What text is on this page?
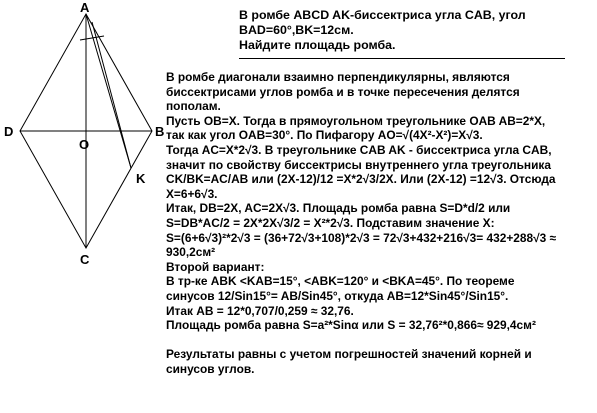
A
B
C
D
O
K
В ромбе ABCD AK-биссектриса угла CAB, угол
BAD=60°,BK=12см.
Найдите площадь ромба.
В ромбе диагонали взаимно перпендикулярны, являются
биссектрисами углов ромба и в точке пересечения делятся
пополам.
Пусть OB=X. Тогда в прямоугольном треугольнике OAB AB=2*X,
так как угол OAB=30°. По Пифагору AO=√(4X²-X²)=X√3.
Тогда AC=X*2√3. В треугольнике CAB AK - биссектриса угла CAB,
значит по свойству биссектрисы внутреннего угла треугольника
CK/BK=AC/AB или (2X-12)/12 =X*2√3/2X. Или (2X-12) =12√3. Отсюда
X=6+6√3.
Итак, DB=2X, AC=2X√3. Площадь ромба равна S=D*d/2 или
S=DB*AC/2 = 2X*2X√3/2 = X²*2√3. Подставим значение X:
S=(6+6√3)²*2√3 = (36+72√3+108)*2√3 = 72√3+432+216√3= 432+288√3 ≈
930,2см²
Второй вариант:
В тр-ке ABK <KAB=15°, <ABK=120° и <BKA=45°. По теореме
синусов 12/Sin15°= AB/Sin45°, откуда AB=12*Sin45°/Sin15°.
Итак AB = 12*0,707/0,259 ≈ 32,76.
Площадь ромба равна S=a²*Sinα или S = 32,76²*0,866≈ 929,4см²
Результаты равны с учетом погрешностей значений корней и
синусов углов.
